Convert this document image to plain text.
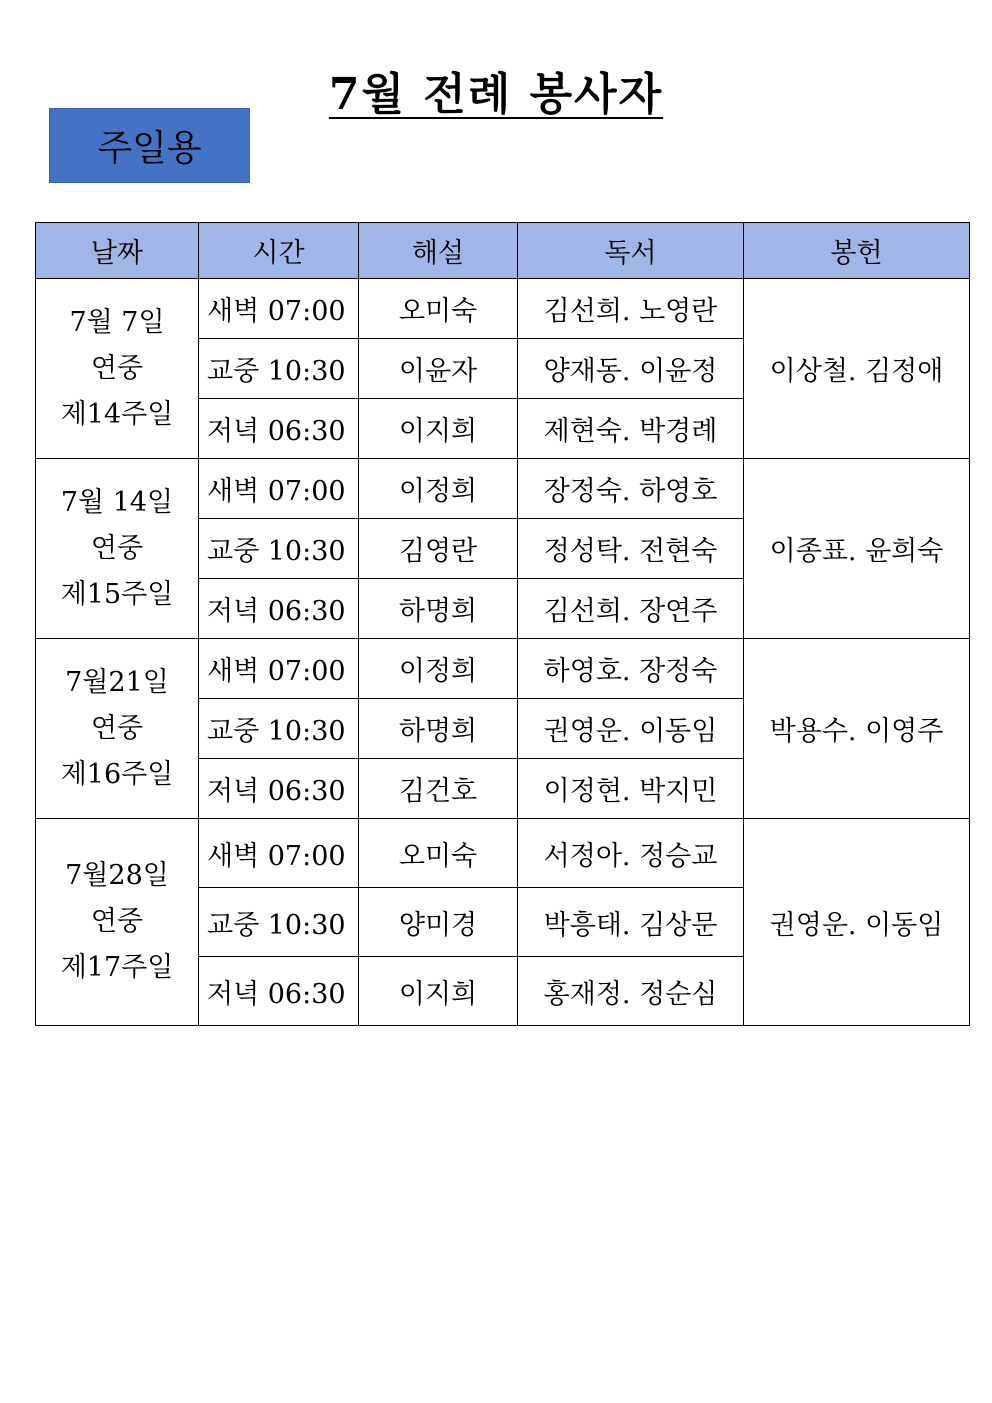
7월 전례 봉사자
주일용
날짜	시간	해설	독서	봉헌

7월 7일
연중
제14주일	새벽 07:00	오미숙	김선희. 노영란	이상철. 김정애
	교중 10:30	이윤자	양재동. 이윤정	
	저녁 06:30	이지희	제현숙. 박경례	

7월 14일
연중
제15주일	새벽 07:00	이정희	장정숙. 하영호	이종표. 윤희숙
	교중 10:30	김영란	정성탁. 전현숙	
	저녁 06:30	하명희	김선희. 장연주	

7월21일
연중
제16주일	새벽 07:00	이정희	하영호. 장정숙	박용수. 이영주
	교중 10:30	하명희	권영운. 이동임	
	저녁 06:30	김건호	이정현. 박지민	

7월28일
연중
제17주일	새벽 07:00	오미숙	서정아. 정승교	권영운. 이동임
	교중 10:30	양미경	박흥태. 김상문	
	저녁 06:30	이지희	홍재정. 정순심	
